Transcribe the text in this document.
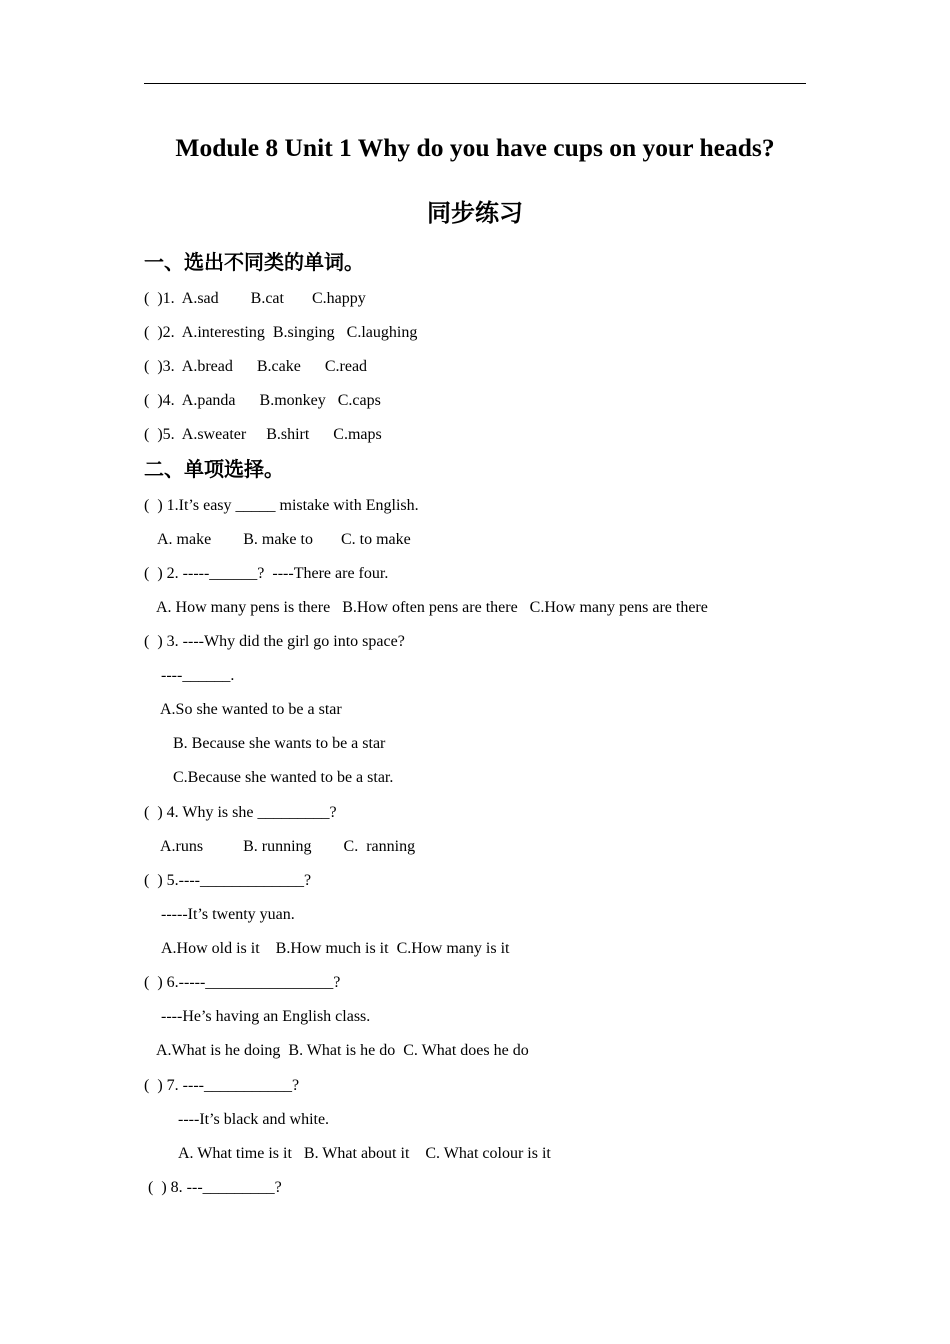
Module 8 Unit 1 Why do you have cups on your heads?
同步练习
一、选出不同类的单词。
(  )1.  A.sad        B.cat       C.happy
(  )2.  A.interesting  B.singing   C.laughing
(  )3.  A.bread      B.cake      C.read
(  )4.  A.panda      B.monkey   C.caps
(  )5.  A.sweater     B.shirt      C.maps
二、单项选择。
(  ) 1.It’s easy _____ mistake with English.
A. make        B. make to       C. to make
(  ) 2. -----______?  ----There are four.
A. How many pens is there   B.How often pens are there   C.How many pens are there
(  ) 3. ----Why did the girl go into space?
----______.
A.So she wanted to be a star
B. Because she wants to be a star
C.Because she wanted to be a star.
(  ) 4. Why is she _________?
A.runs          B. running        C.  ranning
(  ) 5.----_____________?
-----It’s twenty yuan.
A.How old is it    B.How much is it  C.How many is it
(  ) 6.-----________________?
----He’s having an English class.
A.What is he doing  B. What is he do  C. What does he do
(  ) 7. ----___________?
----It’s black and white.
A. What time is it   B. What about it    C. What colour is it
(  ) 8. ---_________?
